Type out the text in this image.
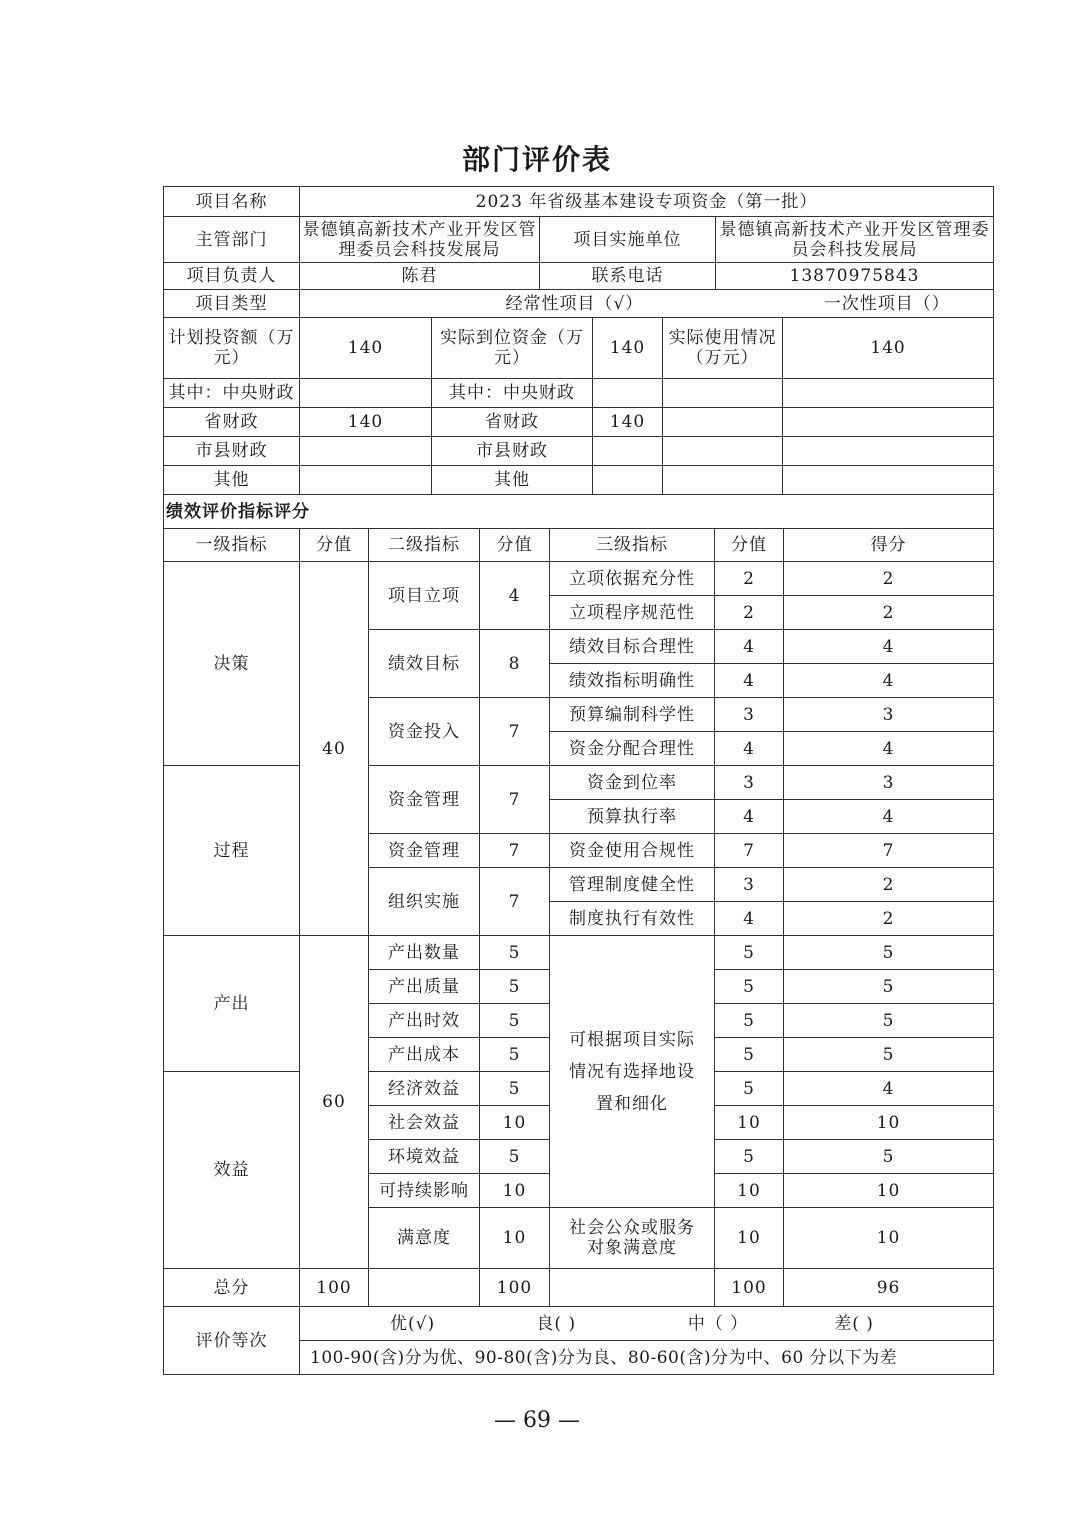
部门评价表
项目名称	2023 年省级基本建设专项资金（第一批）		
主管部门	景德镇高新技术产业开发区管理委员会科技发展局	项目实施单位	景德镇高新技术产业开发区管理委员会科技发展局
项目负责人	陈君	联系电话	13870975843
项目类型	经常性项目（√） 一次性项目（）		
计划投资额（万元）	140	实际到位资金（万元）	140	实际使用情况（万元）	140
其中：中央财政		其中：中央财政			
省财政	140	省财政	140		
市县财政		市县财政			
其他		其他			
绩效评价指标评分						
一级指标	分值	二级指标	分值	三级指标	分值	得分
决策	40	项目立项	4	立项依据充分性	2	2
				立项程序规范性	2	2
		绩效目标	8	绩效目标合理性	4	4
				绩效指标明确性	4	4
		资金投入	7	预算编制科学性	3	3
				资金分配合理性	4	4
过程		资金管理	7	资金到位率	3	3
				预算执行率	4	4
		资金管理	7	资金使用合规性	7	7
		组织实施	7	管理制度健全性	3	2
				制度执行有效性	4	2
产出	60	产出数量	5	可根据项目实际情况有选择地设置和细化	5	5
		产出质量	5		5	5
		产出时效	5		5	5
		产出成本	5		5	5
效益		经济效益	5		5	4
		社会效益	10		10	10
		环境效益	5		5	5
		可持续影响	10		10	10
		满意度	10	社会公众或服务对象满意度	10	10
总分	100		100		100	96
评价等次	优(√) 良( ) 中（ ） 差( )					
	100-90(含)分为优、90-80(含)分为良、80-60(含)分为中、60 分以下为差					
— 69 —
